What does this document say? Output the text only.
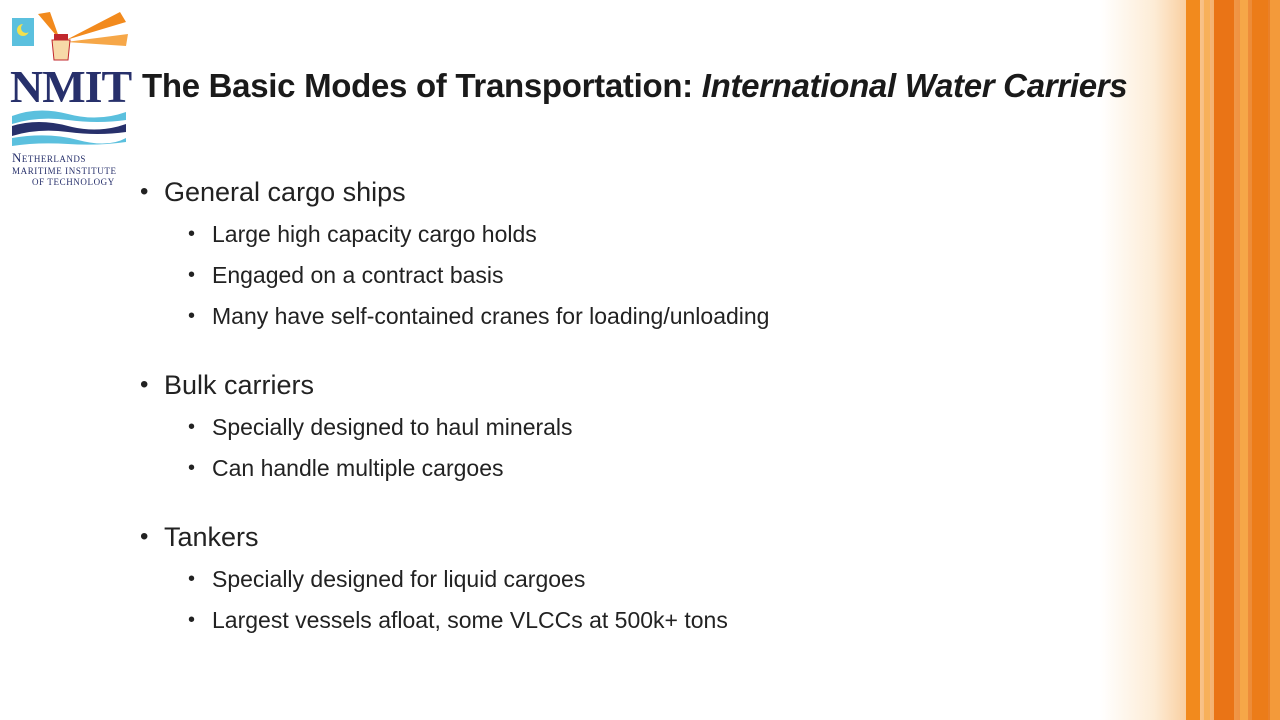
NMIT
Netherlands
MARITIME INSTITUTE
OF TECHNOLOGY
The Basic Modes of Transportation: International Water Carriers
• General cargo ships
• Large high capacity cargo holds
• Engaged on a contract basis
• Many have self-contained cranes for loading/unloading
• Bulk carriers
• Specially designed to haul minerals
• Can handle multiple cargoes
• Tankers
• Specially designed for liquid cargoes
• Largest vessels afloat, some VLCCs at 500k+ tons
